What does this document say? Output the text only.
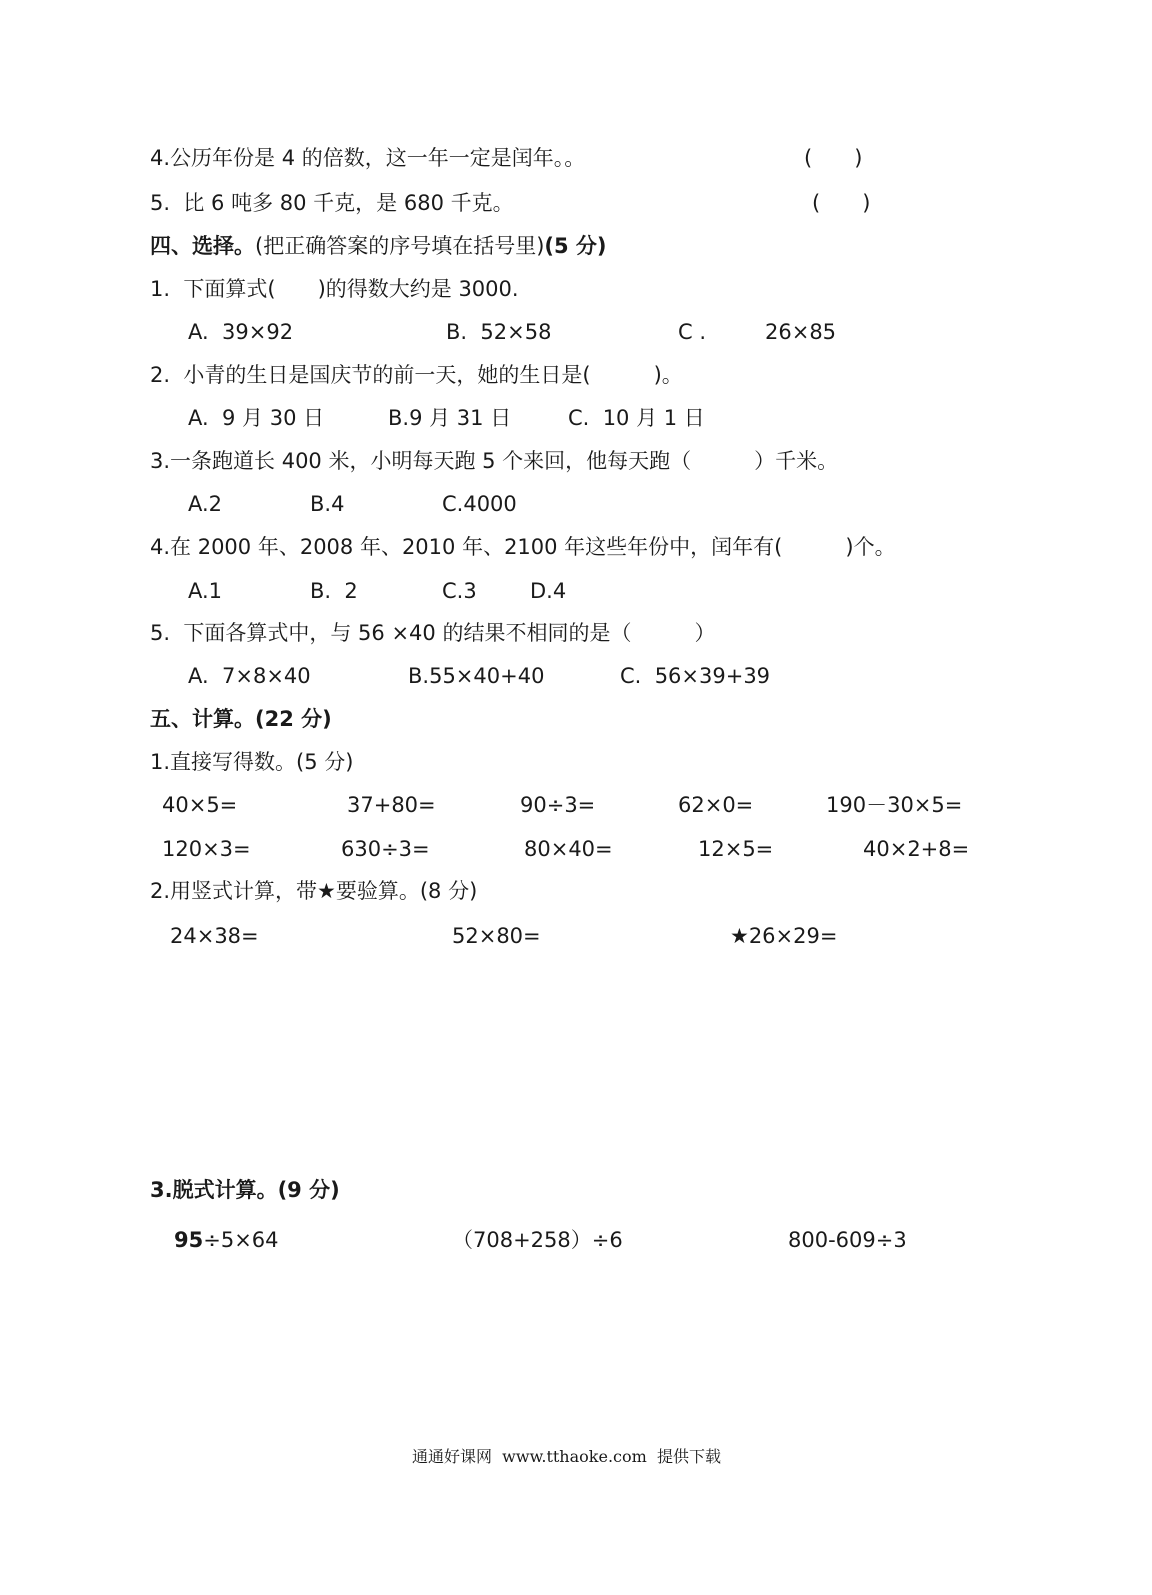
4.公历年份是 4 的倍数，这一年一定是闰年。。	(　　)
5.  比 6 吨多 80 千克，是 680 千克。	(　　)
四、选择。(把正确答案的序号填在括号里)(5 分)
1.  下面算式(　　)的得数大约是 3000.
A.  39×92	B.  52×58	C .	26×85
2.  小青的生日是国庆节的前一天，她的生日是(　　　)。
A.  9 月 30 日	B.9 月 31 日	C.  10 月 1 日
3.一条跑道长 400 米，小明每天跑 5 个来回，他每天跑（　　　）千米。
A.2	B.4	C.4000
4.在 2000 年、2008 年、2010 年、2100 年这些年份中，闰年有(　　　)个。
A.1	B.  2	C.3	D.4
5.  下面各算式中，与 56 ×40 的结果不相同的是（　　　）
A.  7×8×40	B.55×40+40	C.  56×39+39
五、计算。(22 分)
1.直接写得数。(5 分)
40×5=	37+80=	90÷3=	62×0=	190－30×5=
120×3=	630÷3=	80×40=	12×5=	40×2+8=
2.用竖式计算，带★要验算。(8 分)
24×38=	52×80=	★26×29=
3.脱式计算。(9 分)
95÷5×64	（708+258）÷6	800-609÷3
通通好课网  www.tthaoke.com  提供下载
